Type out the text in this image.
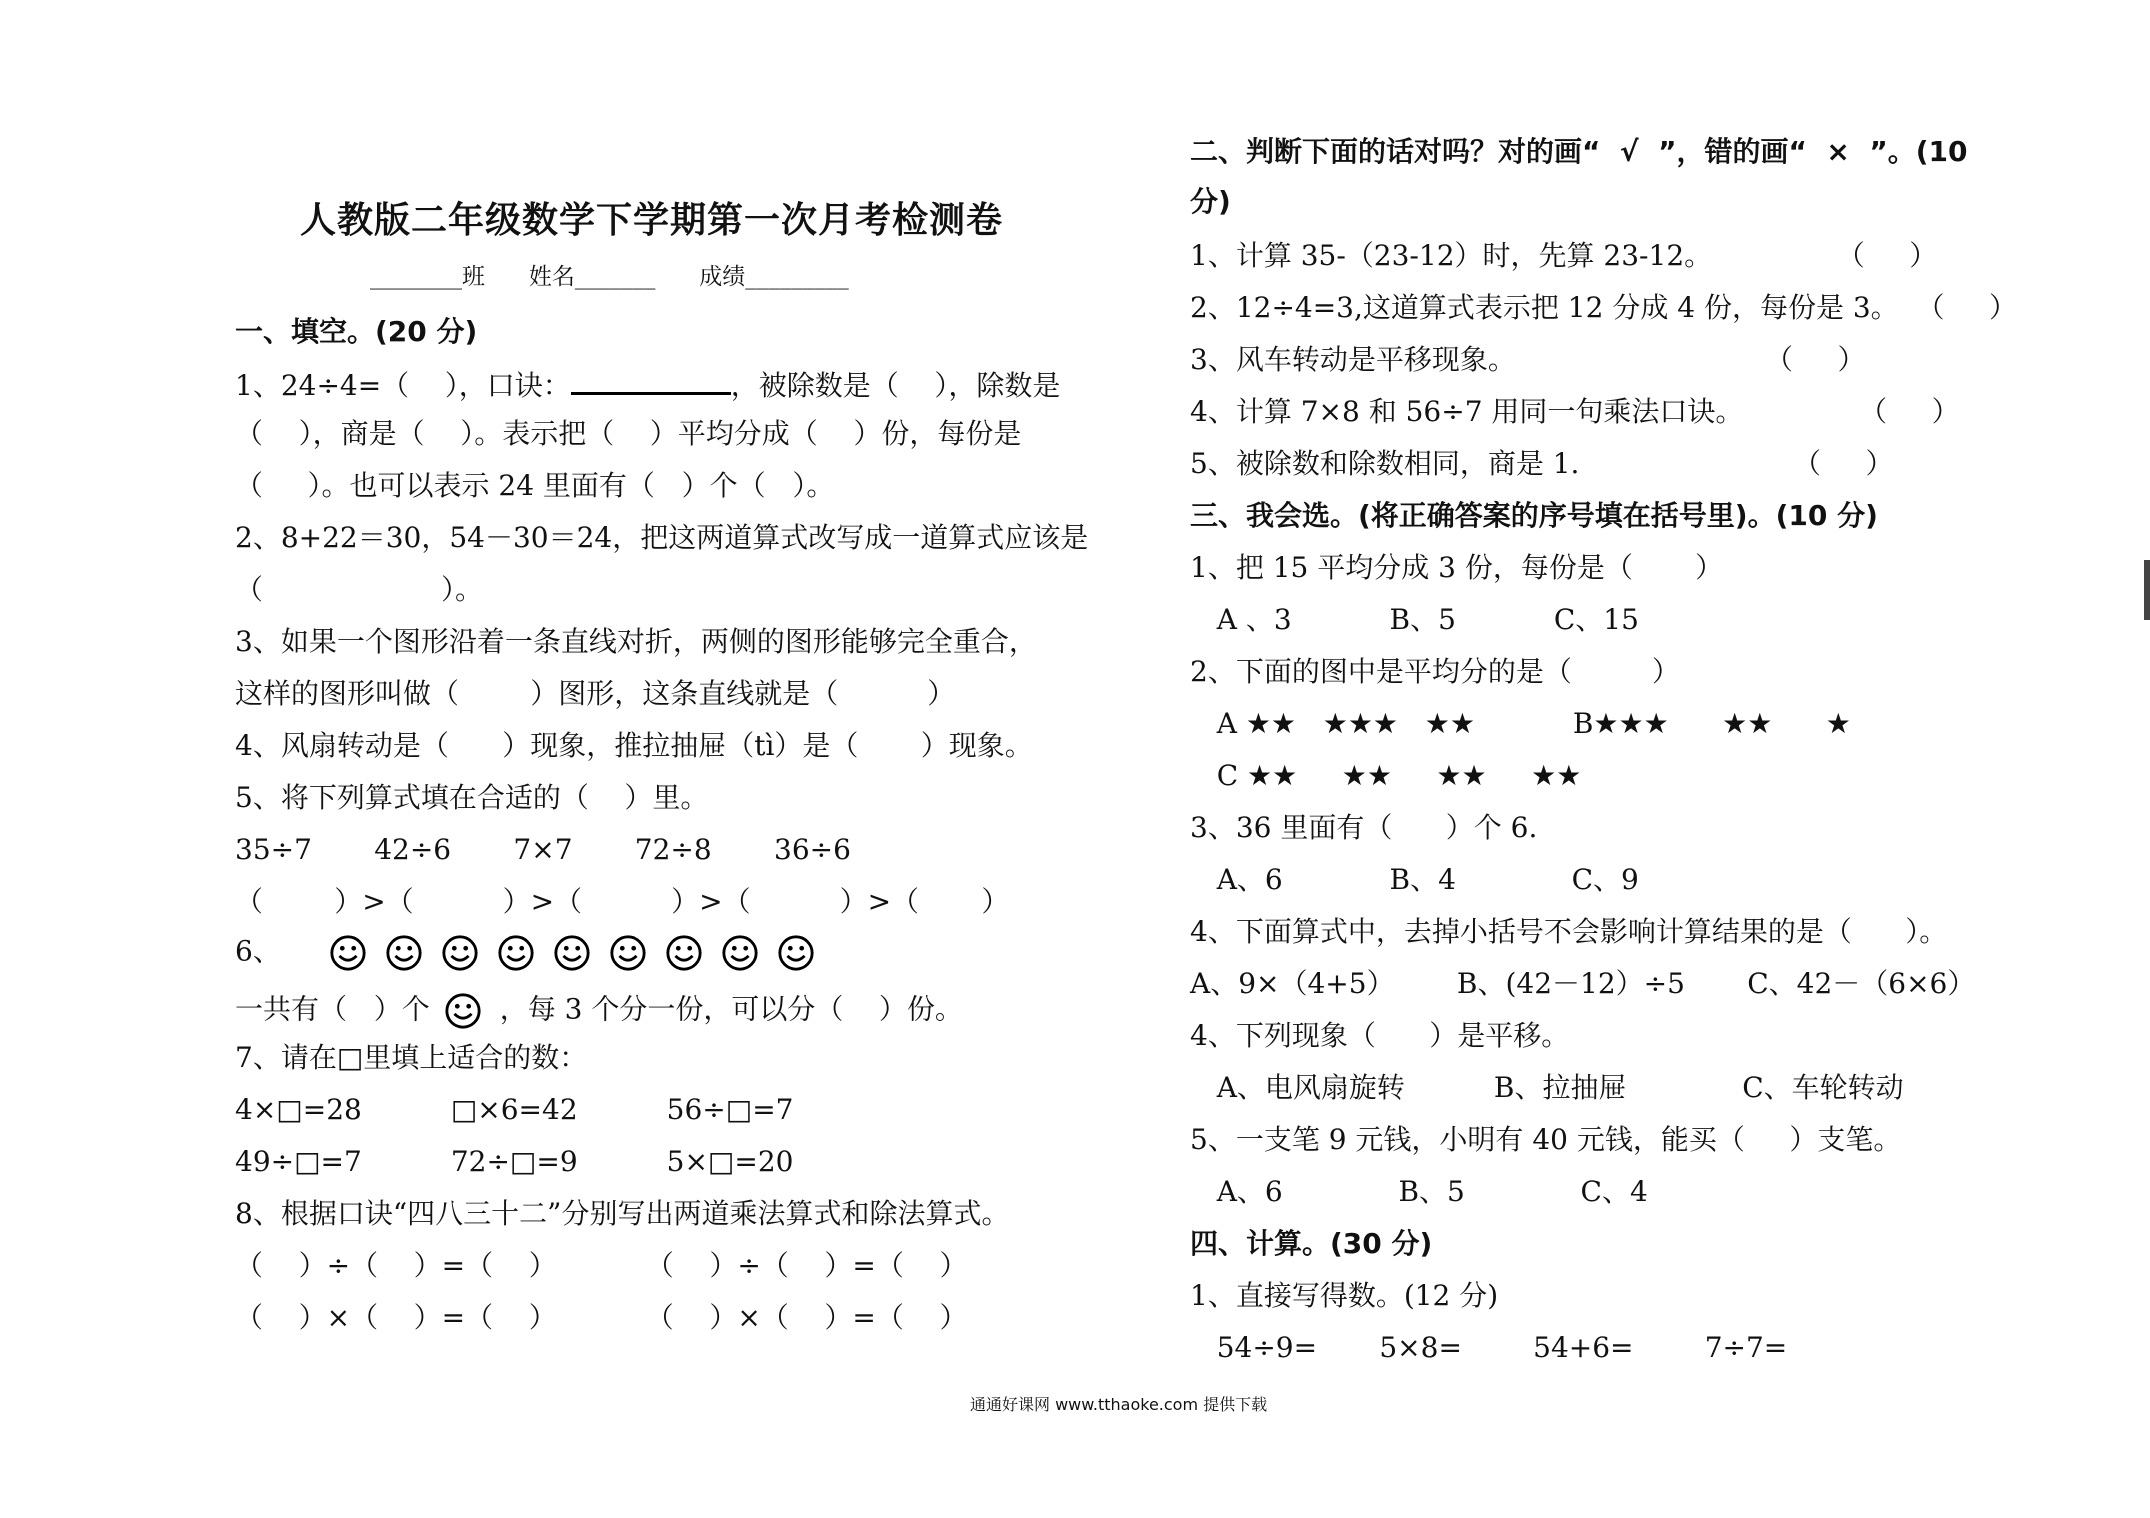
人教版二年级数学下学期第一次月考检测卷
________班      姓名_______      成绩_________
一、填空。(20 分)
1、24÷4=（    ），口诀：	，被除数是（    ），除数是
（    ），商是（    ）。表示把（    ）平均分成（    ）份，每份是
（     ）。也可以表示 24 里面有（   ）个（   ）。
2、8+22＝30，54－30＝24，把这两道算式改写成一道算式应该是
（                    ）。
3、如果一个图形沿着一条直线对折，两侧的图形能够完全重合，
这样的图形叫做（        ）图形，这条直线就是（          ）
4、风扇转动是（      ）现象，推拉抽屉（tì）是（       ）现象。
5、将下列算式填在合适的（    ）里。
35÷7       42÷6       7×7       72÷8       36÷6
（        ）>（          ）>（          ）>（          ）>（       ）
6、
一共有（   ）个	，每 3 个分一份，可以分（    ）份。
7、请在□里填上适合的数：
4×□=28          □×6=42          56÷□=7
49÷□=7          72÷□=9          5×□=20
8、根据口诀“四八三十二”分别写出两道乘法算式和除法算式。
（    ）÷（    ）=（    ）          （    ）÷（    ）=（    ）
（    ）×（    ）=（    ）          （    ）×（    ）=（    ）
二、判断下面的话对吗？对的画“  √  ”，错的画“  ×  ”。(10
分)
1、计算 35-（23-12）时，先算 23-12。              （     ）
2、12÷4=3,这道算式表示把 12 分成 4 份，每份是 3。  （     ）
3、风车转动是平移现象。                            （     ）
4、计算 7×8 和 56÷7 用同一句乘法口诀。             （     ）
5、被除数和除数相同，商是 1.                        （     ）
三、我会选。(将正确答案的序号填在括号里)。(10 分)
1、把 15 平均分成 3 份，每份是（       ）
A 、3           B、5           C、15
2、下面的图中是平均分的是（         ）
A ★★   ★★★   ★★           B★★★      ★★      ★
C ★★     ★★     ★★     ★★
3、36 里面有（      ）个 6.
A、6            B、4             C、9
4、下面算式中，去掉小括号不会影响计算结果的是（      ）。
A、9×（4+5）       B、(42－12）÷5       C、42－（6×6）
4、下列现象（      ）是平移。
A、电风扇旋转          B、拉抽屉             C、车轮转动
5、一支笔 9 元钱，小明有 40 元钱，能买（     ）支笔。
A、6             B、5             C、4
四、计算。(30 分)
1、直接写得数。(12 分)
54÷9=       5×8=        54+6=        7÷7=
通通好课网 www.tthaoke.com 提供下载
